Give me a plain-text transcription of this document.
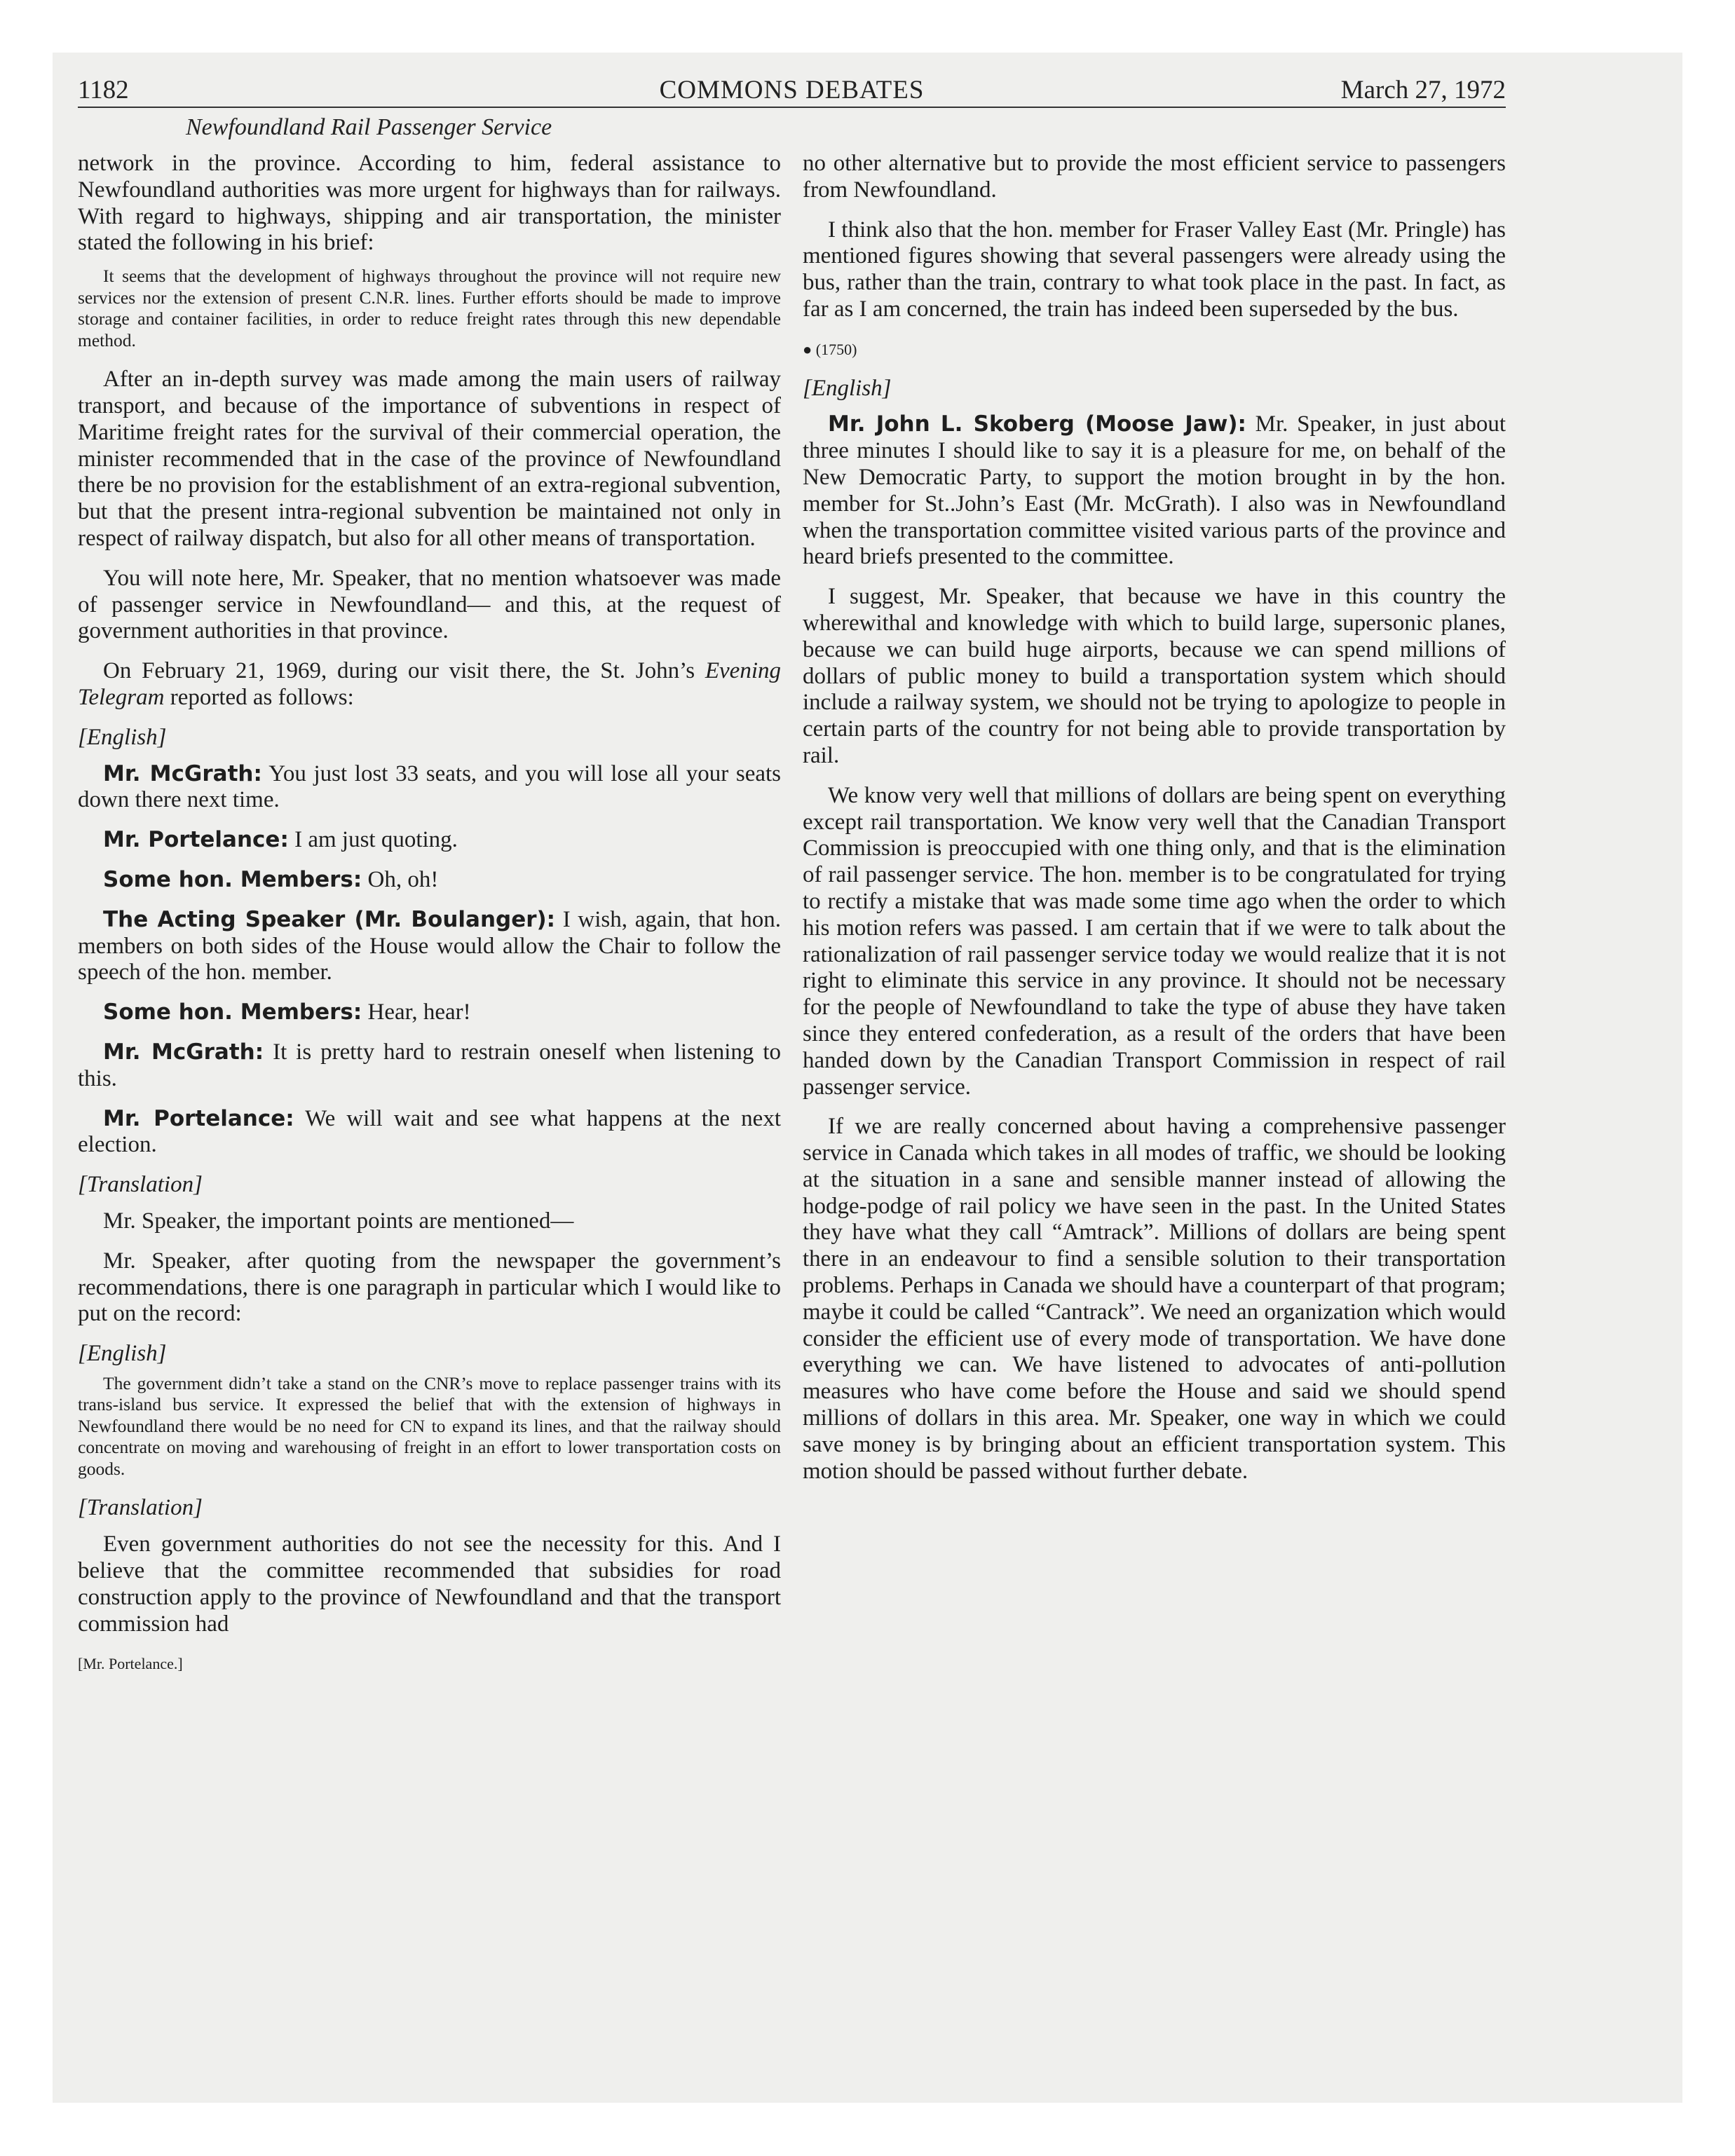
1182	COMMONS DEBATES	March 27, 1972
Newfoundland Rail Passenger Service

network in the province. According to him, federal assistance to Newfoundland authorities was more urgent for highways than for railways. With regard to highways, shipping and air transportation, the minister stated the following in his brief:

It seems that the development of highways throughout the province will not require new services nor the extension of present C.N.R. lines. Further efforts should be made to improve storage and container facilities, in order to reduce freight rates through this new dependable method.

After an in-depth survey was made among the main users of railway transport, and because of the importance of subventions in respect of Maritime freight rates for the survival of their commercial operation, the minister recommended that in the case of the province of Newfoundland there be no provision for the establishment of an extra-regional subvention, but that the present intra-regional subvention be maintained not only in respect of railway dispatch, but also for all other means of transportation.

You will note here, Mr. Speaker, that no mention whatsoever was made of passenger service in Newfoundland— and this, at the request of government authorities in that province.

On February 21, 1969, during our visit there, the St. John’s Evening Telegram reported as follows:

[English]

Mr. McGrath: You just lost 33 seats, and you will lose all your seats down there next time.

Mr. Portelance: I am just quoting.

Some hon. Members: Oh, oh!

The Acting Speaker (Mr. Boulanger): I wish, again, that hon. members on both sides of the House would allow the Chair to follow the speech of the hon. member.

Some hon. Members: Hear, hear!

Mr. McGrath: It is pretty hard to restrain oneself when listening to this.

Mr. Portelance: We will wait and see what happens at the next election.

[Translation]

Mr. Speaker, the important points are mentioned—

Mr. Speaker, after quoting from the newspaper the government’s recommendations, there is one paragraph in particular which I would like to put on the record:

[English]

The government didn’t take a stand on the CNR’s move to replace passenger trains with its trans-island bus service. It expressed the belief that with the extension of highways in Newfoundland there would be no need for CN to expand its lines, and that the railway should concentrate on moving and warehousing of freight in an effort to lower transportation costs on goods.

[Translation]

Even government authorities do not see the necessity for this. And I believe that the committee recommended that subsidies for road construction apply to the province of Newfoundland and that the transport commission had

[Mr. Portelance.]

no other alternative but to provide the most efficient service to passengers from Newfoundland.

I think also that the hon. member for Fraser Valley East (Mr. Pringle) has mentioned figures showing that several passengers were already using the bus, rather than the train, contrary to what took place in the past. In fact, as far as I am concerned, the train has indeed been superseded by the bus.

● (1750)

[English]

Mr. John L. Skoberg (Moose Jaw): Mr. Speaker, in just about three minutes I should like to say it is a pleasure for me, on behalf of the New Democratic Party, to support the motion brought in by the hon. member for St..John’s East (Mr. McGrath). I also was in Newfoundland when the transportation committee visited various parts of the province and heard briefs presented to the committee.

I suggest, Mr. Speaker, that because we have in this country the wherewithal and knowledge with which to build large, supersonic planes, because we can build huge airports, because we can spend millions of dollars of public money to build a transportation system which should include a railway system, we should not be trying to apologize to people in certain parts of the country for not being able to provide transportation by rail.

We know very well that millions of dollars are being spent on everything except rail transportation. We know very well that the Canadian Transport Commission is preoccupied with one thing only, and that is the elimination of rail passenger service. The hon. member is to be congratulated for trying to rectify a mistake that was made some time ago when the order to which his motion refers was passed. I am certain that if we were to talk about the rationalization of rail passenger service today we would realize that it is not right to eliminate this service in any province. It should not be necessary for the people of Newfoundland to take the type of abuse they have taken since they entered confederation, as a result of the orders that have been handed down by the Canadian Transport Commission in respect of rail passenger service.

If we are really concerned about having a comprehensive passenger service in Canada which takes in all modes of traffic, we should be looking at the situation in a sane and sensible manner instead of allowing the hodge-podge of rail policy we have seen in the past. In the United States they have what they call “Amtrack”. Millions of dollars are being spent there in an endeavour to find a sensible solution to their transportation problems. Perhaps in Canada we should have a counterpart of that program; maybe it could be called “Cantrack”. We need an organization which would consider the efficient use of every mode of transportation. We have done everything we can. We have listened to advocates of anti-pollution measures who have come before the House and said we should spend millions of dollars in this area. Mr. Speaker, one way in which we could save money is by bringing about an efficient transportation system. This motion should be passed without further debate.
